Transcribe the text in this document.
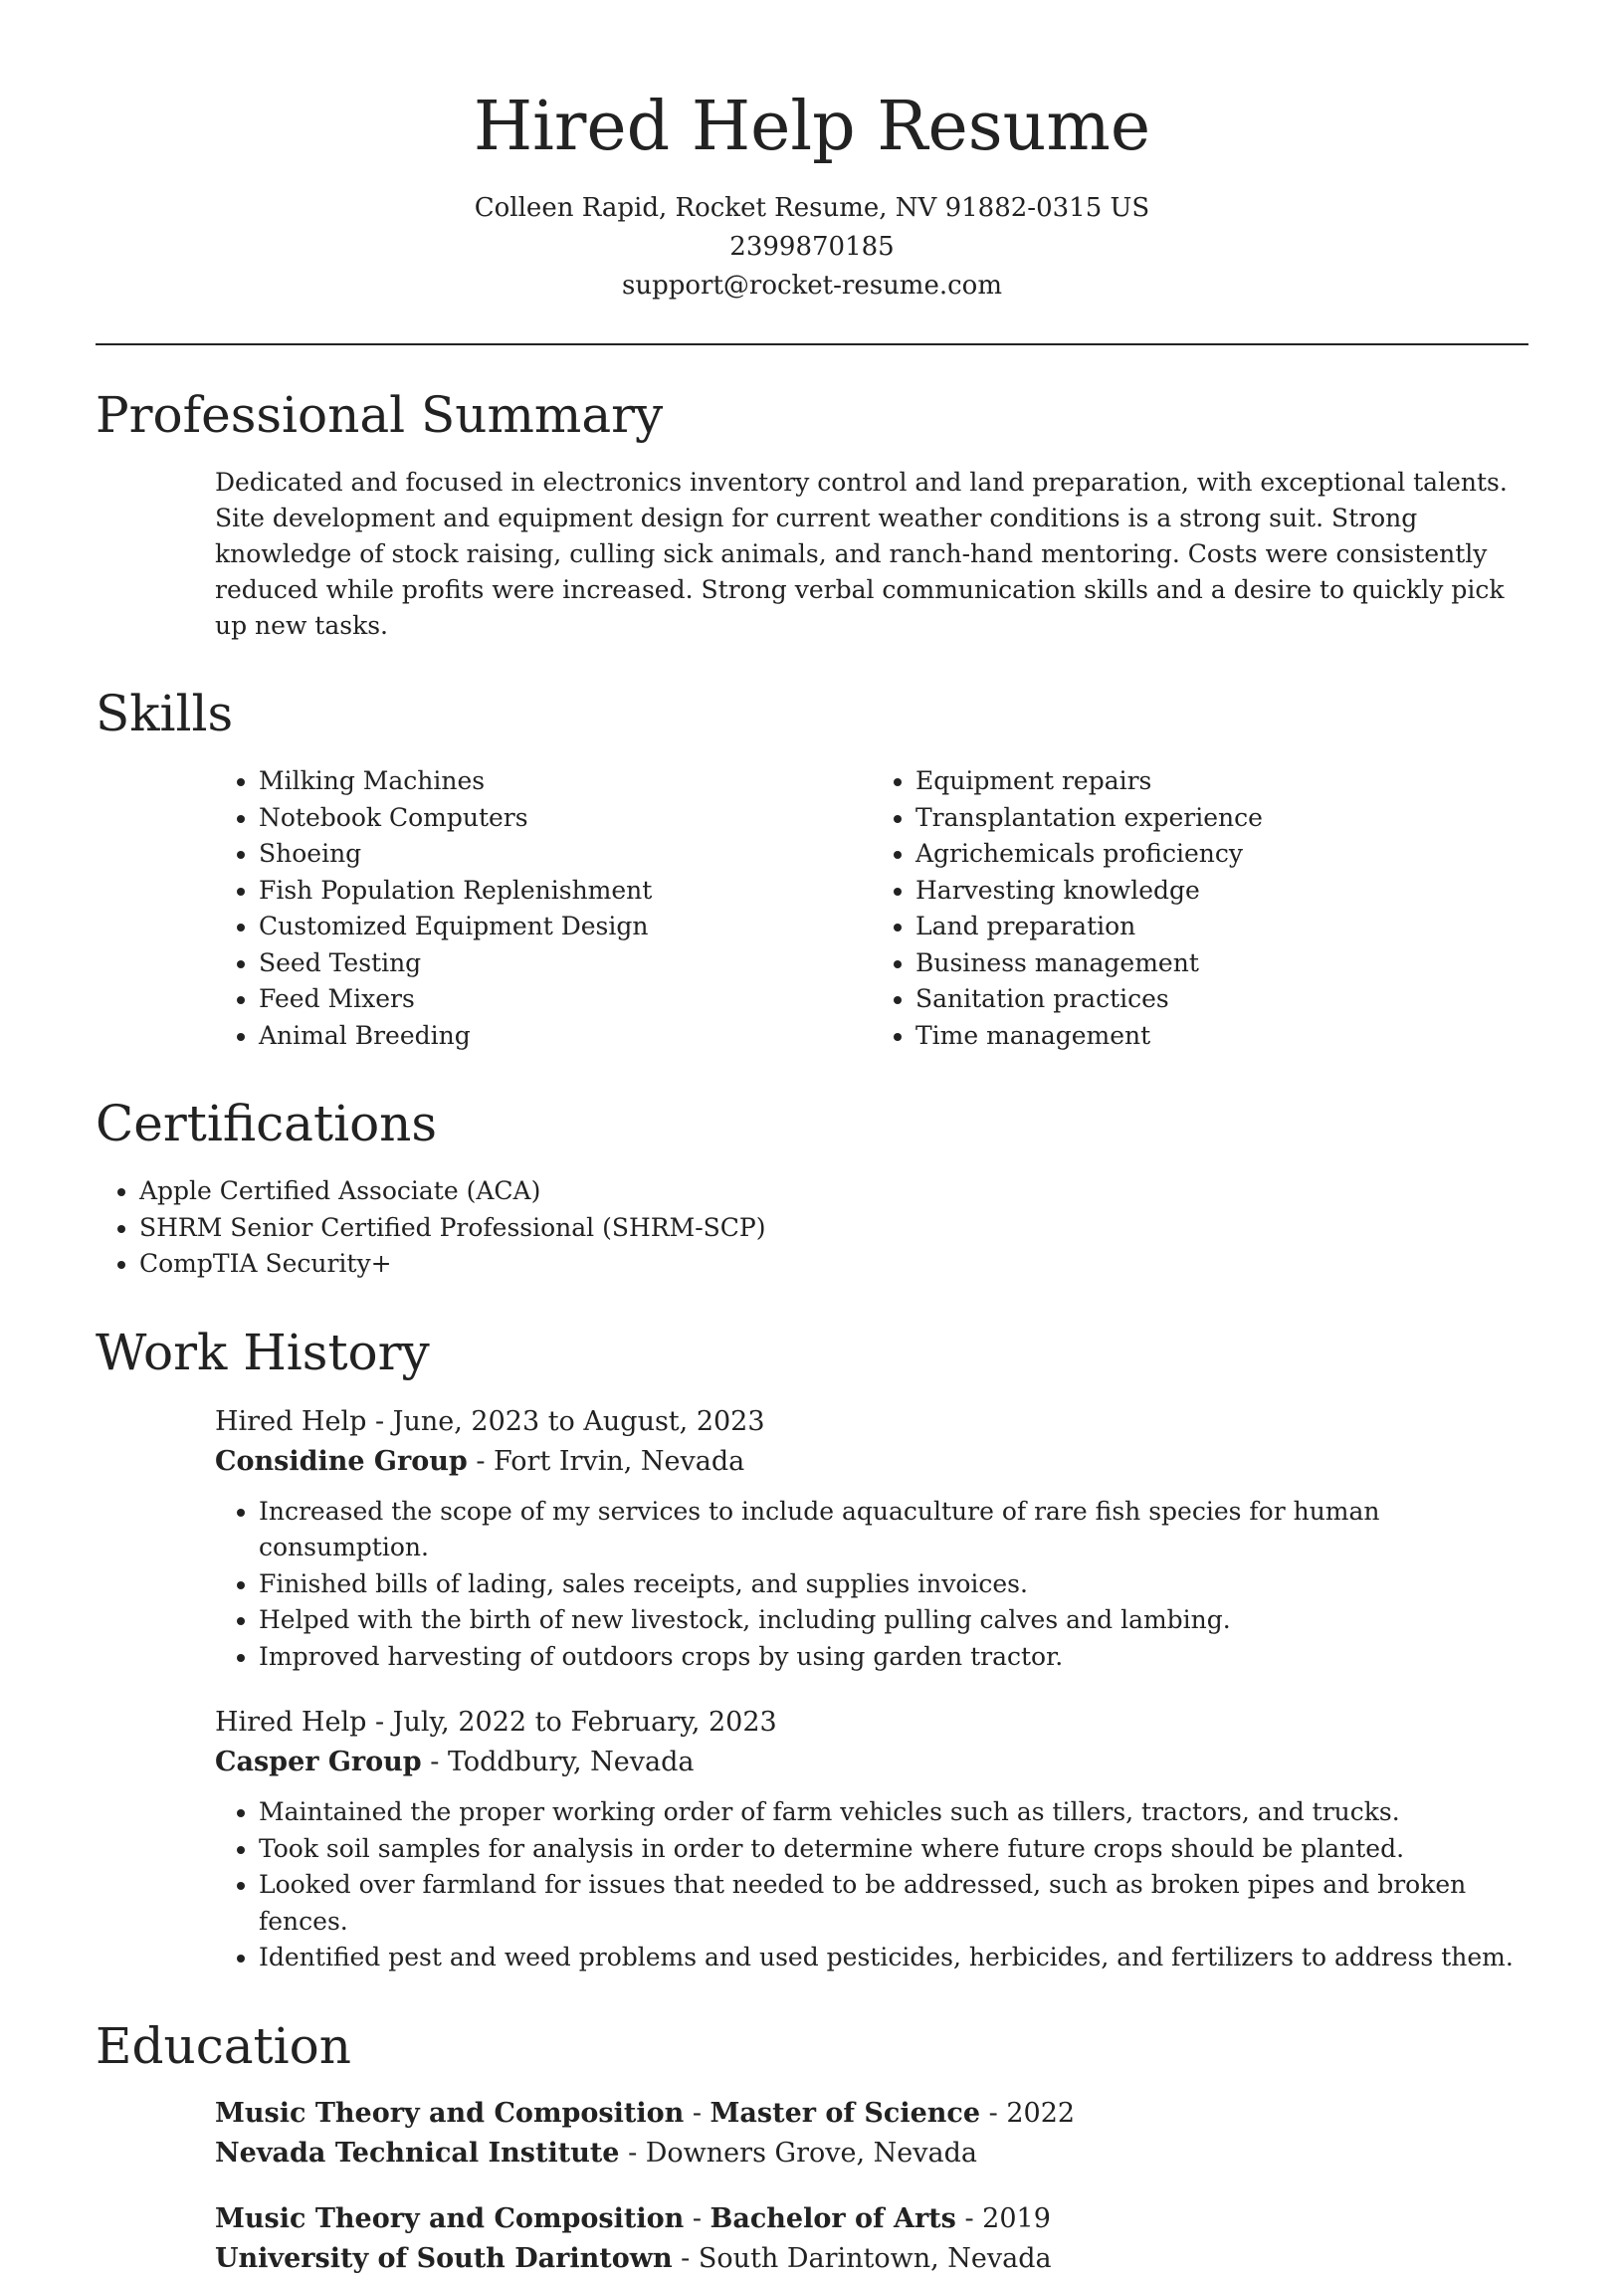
Hired Help Resume
Colleen Rapid, Rocket Resume, NV 91882-0315 US
2399870185
support@rocket-resume.com
Professional Summary
Dedicated and focused in electronics inventory control and land preparation, with exceptional talents. Site development and equipment design for current weather conditions is a strong suit. Strong knowledge of stock raising, culling sick animals, and ranch-hand mentoring. Costs were consistently reduced while profits were increased. Strong verbal communication skills and a desire to quickly pick up new tasks.
Skills
• Milking Machines
• Notebook Computers
• Shoeing
• Fish Population Replenishment
• Customized Equipment Design
• Seed Testing
• Feed Mixers
• Animal Breeding
• Equipment repairs
• Transplantation experience
• Agrichemicals proficiency
• Harvesting knowledge
• Land preparation
• Business management
• Sanitation practices
• Time management
Certifications
• Apple Certified Associate (ACA)
• SHRM Senior Certified Professional (SHRM-SCP)
• CompTIA Security+
Work History
Hired Help - June, 2023 to August, 2023
Considine Group - Fort Irvin, Nevada
• Increased the scope of my services to include aquaculture of rare fish species for human consumption.
• Finished bills of lading, sales receipts, and supplies invoices.
• Helped with the birth of new livestock, including pulling calves and lambing.
• Improved harvesting of outdoors crops by using garden tractor.
Hired Help - July, 2022 to February, 2023
Casper Group - Toddbury, Nevada
• Maintained the proper working order of farm vehicles such as tillers, tractors, and trucks.
• Took soil samples for analysis in order to determine where future crops should be planted.
• Looked over farmland for issues that needed to be addressed, such as broken pipes and broken fences.
• Identified pest and weed problems and used pesticides, herbicides, and fertilizers to address them.
Education
Music Theory and Composition - Master of Science - 2022
Nevada Technical Institute - Downers Grove, Nevada
Music Theory and Composition - Bachelor of Arts - 2019
University of South Darintown - South Darintown, Nevada
